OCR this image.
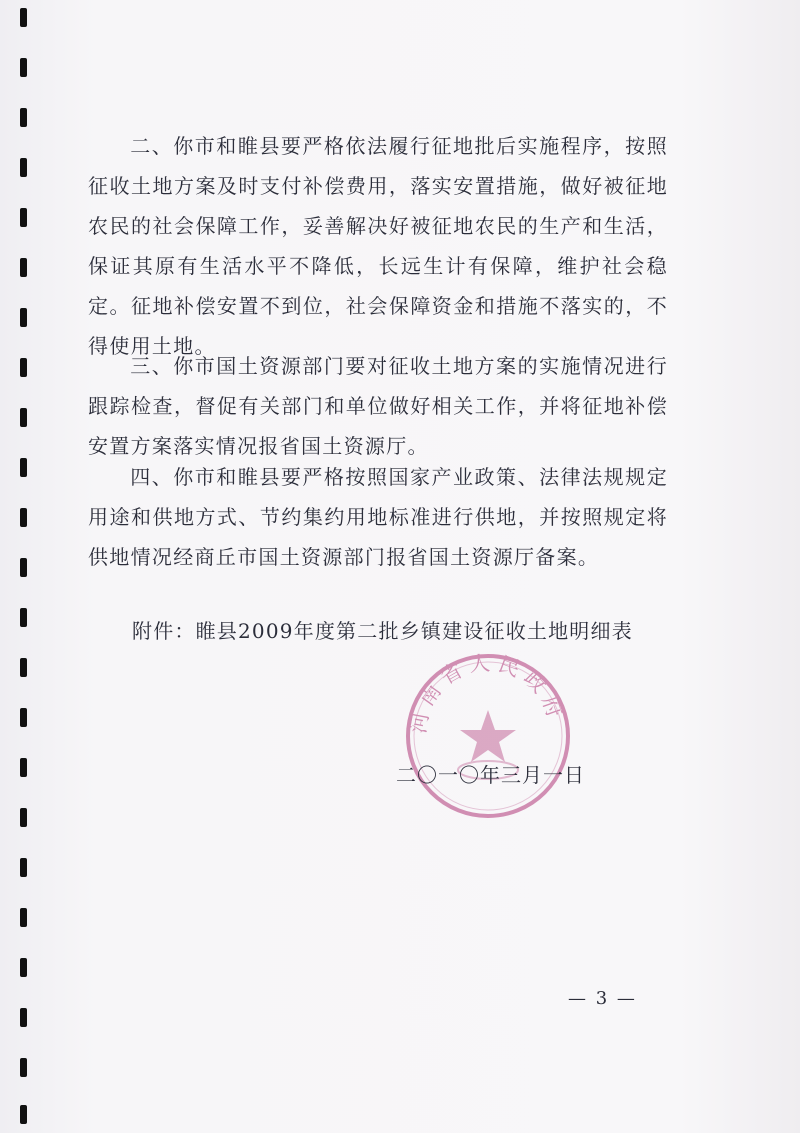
二、你市和睢县要严格依法履行征地批后实施程序，按照征收土地方案及时支付补偿费用，落实安置措施，做好被征地农民的社会保障工作，妥善解决好被征地农民的生产和生活，保证其原有生活水平不降低，长远生计有保障，维护社会稳定。征地补偿安置不到位，社会保障资金和措施不落实的，不得使用土地。

三、你市国土资源部门要对征收土地方案的实施情况进行跟踪检查，督促有关部门和单位做好相关工作，并将征地补偿安置方案落实情况报省国土资源厅。

四、你市和睢县要严格按照国家产业政策、法律法规规定用途和供地方式、节约集约用地标准进行供地，并按照规定将供地情况经商丘市国土资源部门报省国土资源厅备案。

附件：睢县2009年度第二批乡镇建设征收土地明细表

河南省人民政府

二〇一〇年三月一日

— 3 —
